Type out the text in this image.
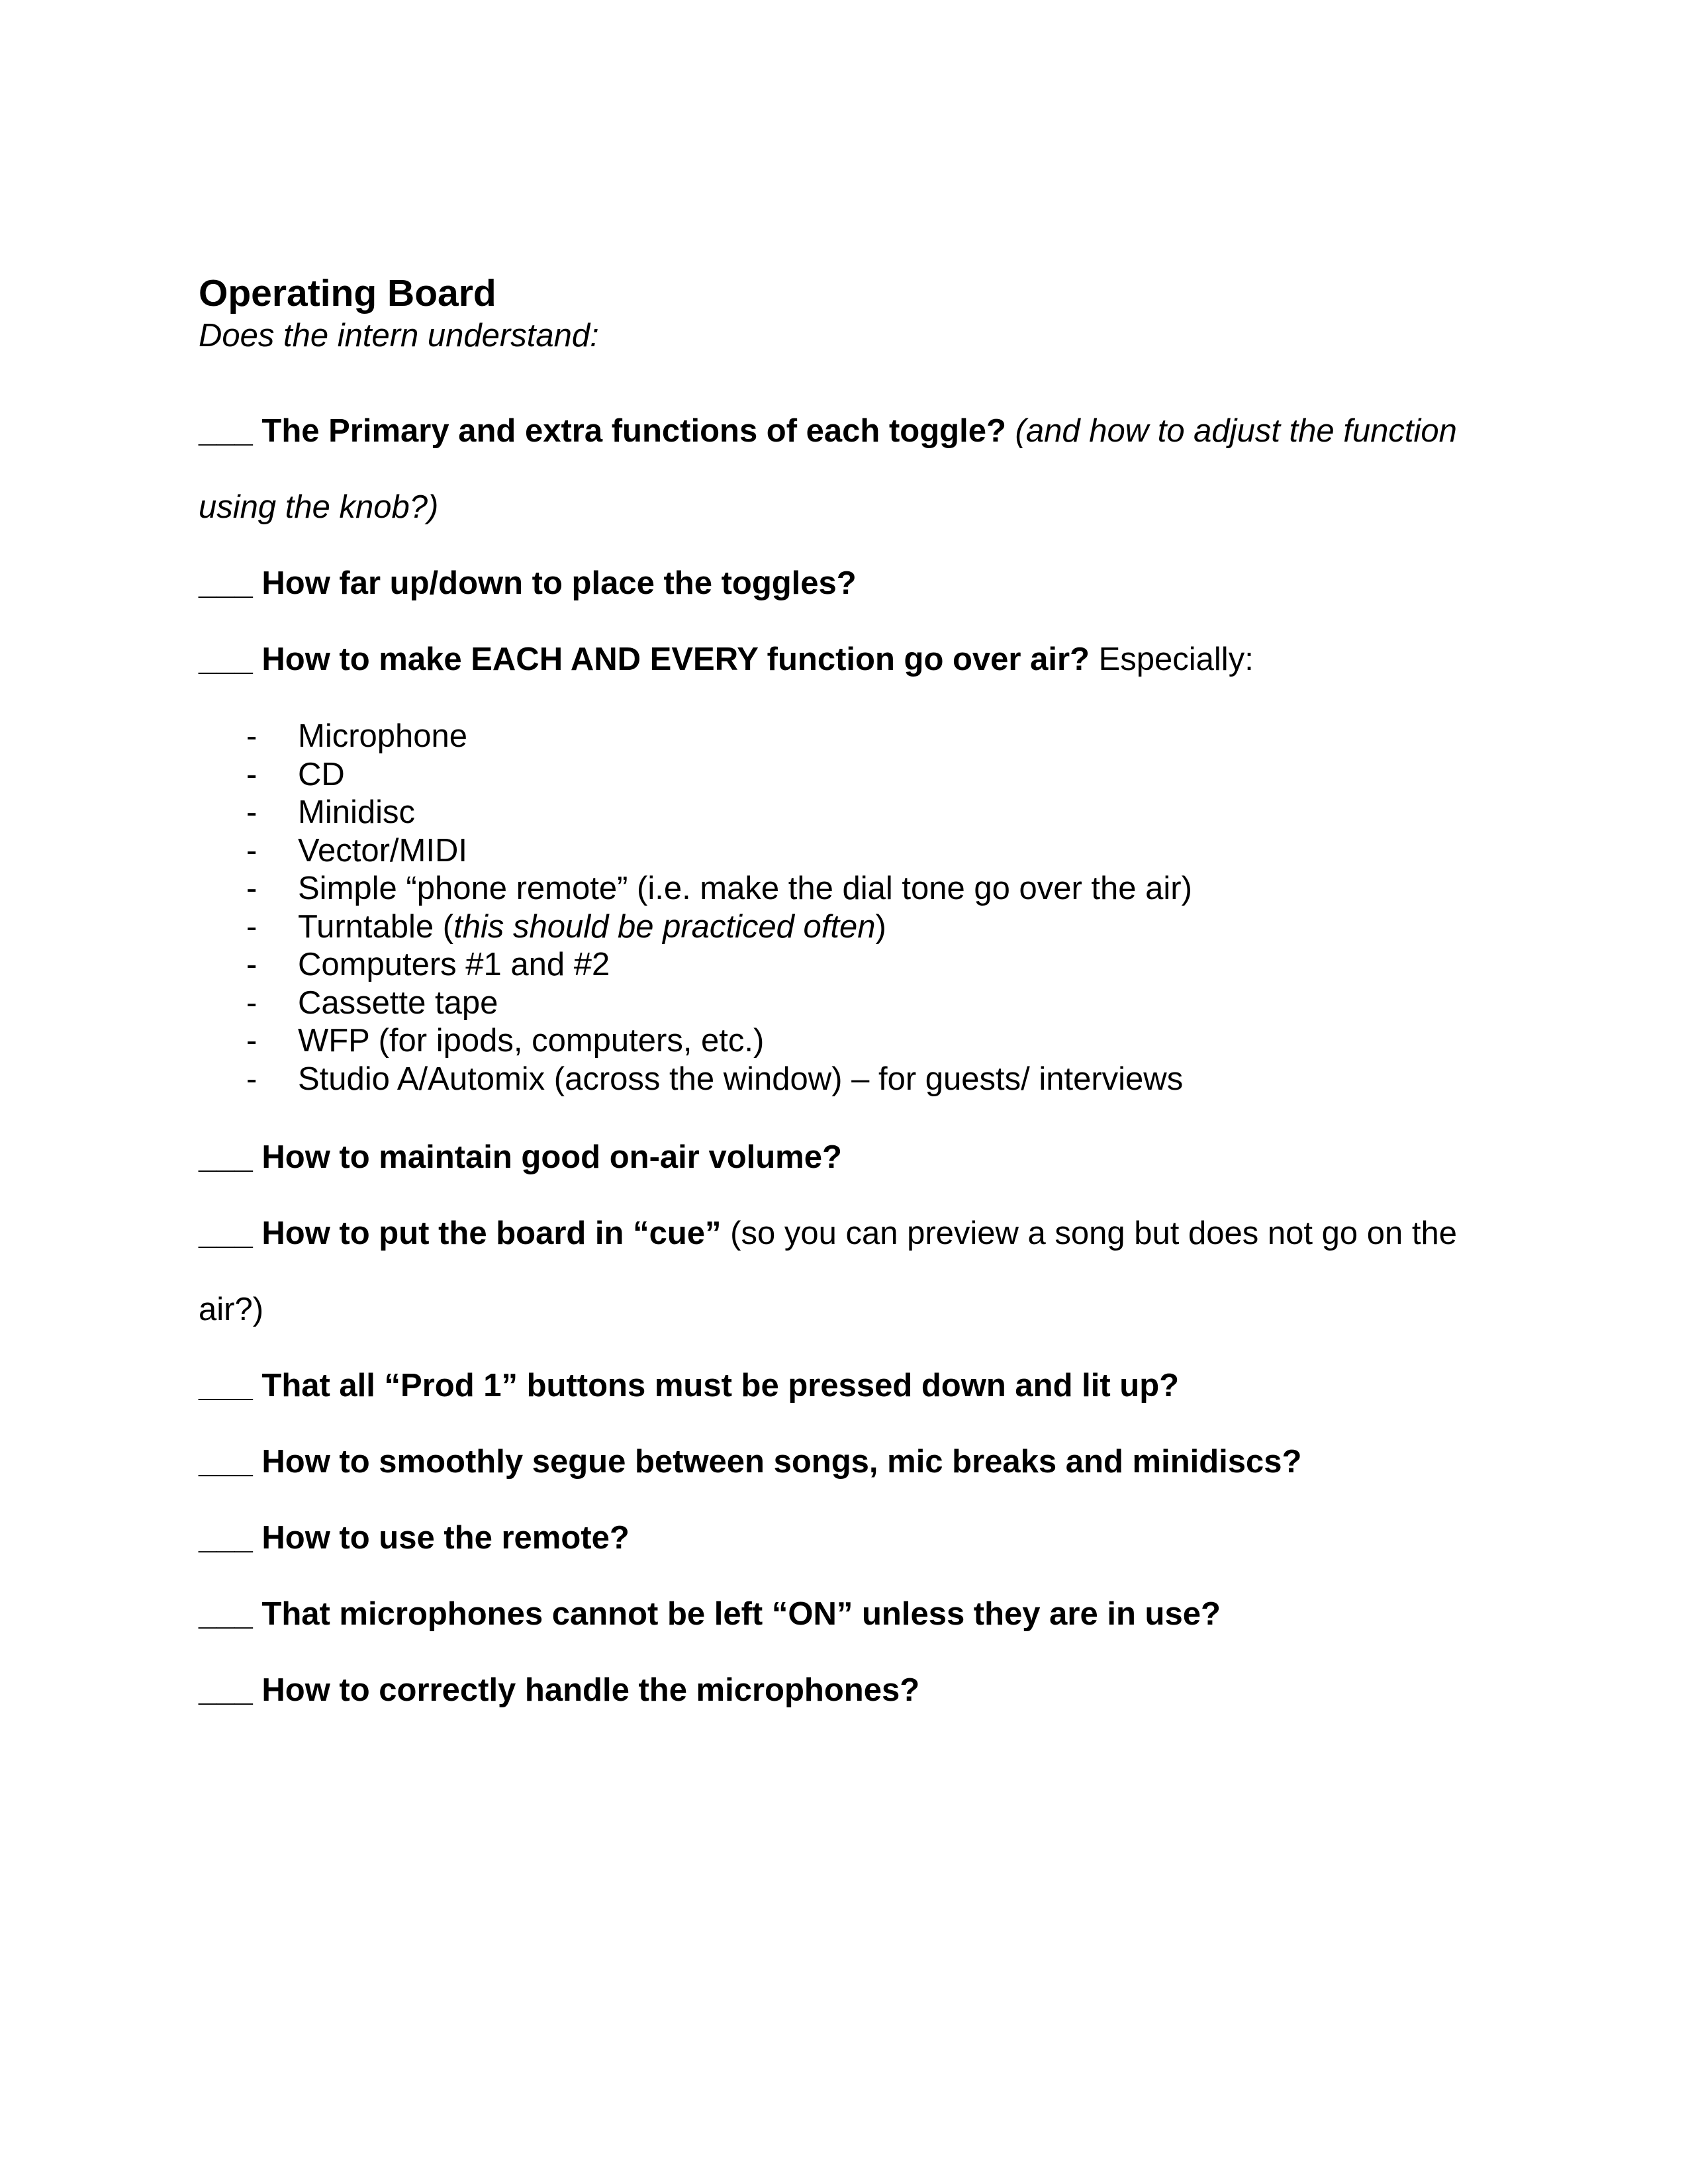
Operating Board

Does the intern understand:

___ The Primary and extra functions of each toggle? (and how to adjust the function using the knob?)

___ How far up/down to place the toggles?

___ How to make EACH AND EVERY function go over air? Especially:

- Microphone
- CD
- Minidisc
- Vector/MIDI
- Simple “phone remote” (i.e. make the dial tone go over the air)
- Turntable (this should be practiced often)
- Computers #1 and #2
- Cassette tape
- WFP (for ipods, computers, etc.)
- Studio A/Automix (across the window) – for guests/ interviews

___ How to maintain good on-air volume?

___ How to put the board in “cue” (so you can preview a song but does not go on the air?)

___ That all “Prod 1” buttons must be pressed down and lit up?

___ How to smoothly segue between songs, mic breaks and minidiscs?

___ How to use the remote?

___ That microphones cannot be left “ON” unless they are in use?

___ How to correctly handle the microphones?
